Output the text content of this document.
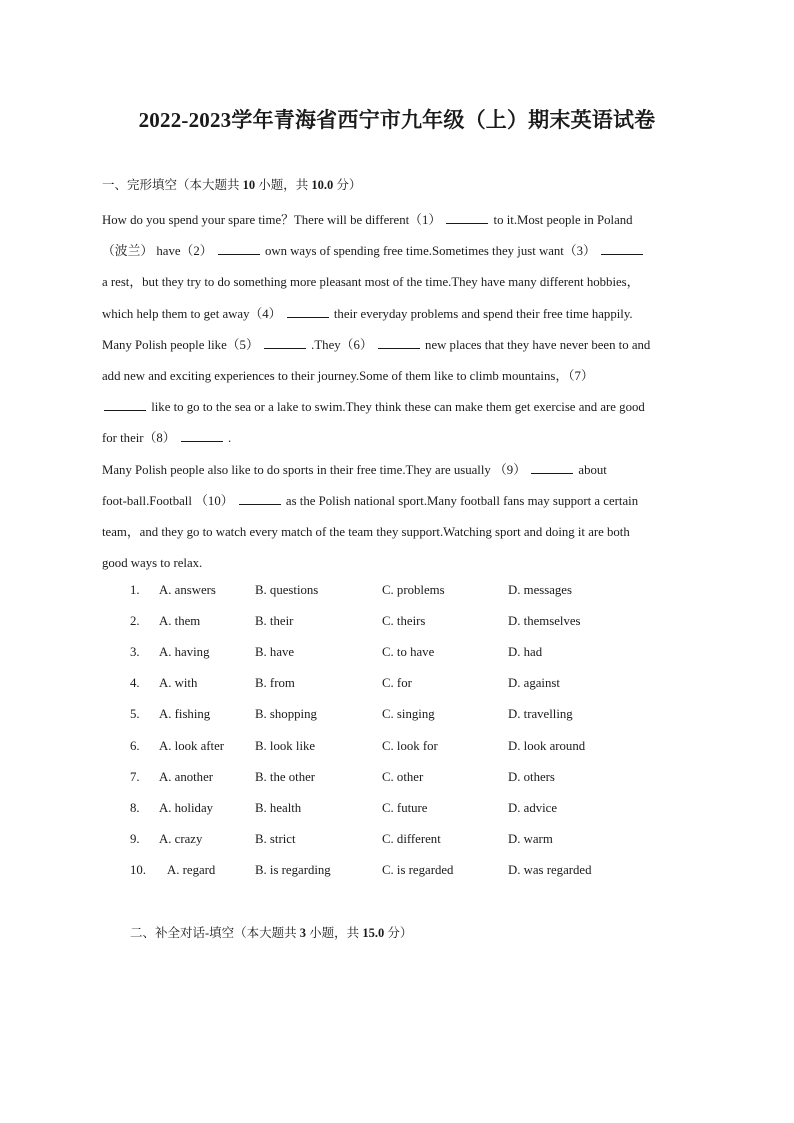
2022-2023学年青海省西宁市九年级（上）期末英语试卷
一、完形填空（本大题共 10 小题，共 10.0 分）
How do you spend your spare time？There will be different（1）	to it.Most people in Poland
（波兰） have（2）	own ways of spending free time.Sometimes they just want（3）
a rest，but they try to do something more pleasant most of the time.They have many different hobbies，
which help them to get away（4）	their everyday problems and spend their free time happily.
Many Polish people like（5）	.They（6）	new places that they have never been to and
add new and exciting experiences to their journey.Some of them like to climb mountains，（7）
like to go to the sea or a lake to swim.They think these can make them get exercise and are good
for their（8）	.
Many Polish people also like to do sports in their free time.They are usually （9）	about
foot-ball.Football （10）	as the Polish national sport.Many football fans may support a certain
team，and they go to watch every match of the team they support.Watching sport and doing it are both
good ways to relax.
1. A. answers	B. questions	C. problems	D. messages
2. A. them	B. their	C. theirs	D. themselves
3. A. having	B. have	C. to have	D. had
4. A. with	B. from	C. for	D. against
5. A. fishing	B. shopping	C. singing	D. travelling
6. A. look after B. look like	C. look for	D. look around
7. A. another	B. the other	C. other	D. others
8. A. holiday	B. health	C. future	D. advice
9. A. crazy	B. strict	C. different	D. warm
10. A. regard	B. is regarding	C. is regarded	D. was regarded
二、补全对话-填空（本大题共 3 小题，共 15.0 分）
